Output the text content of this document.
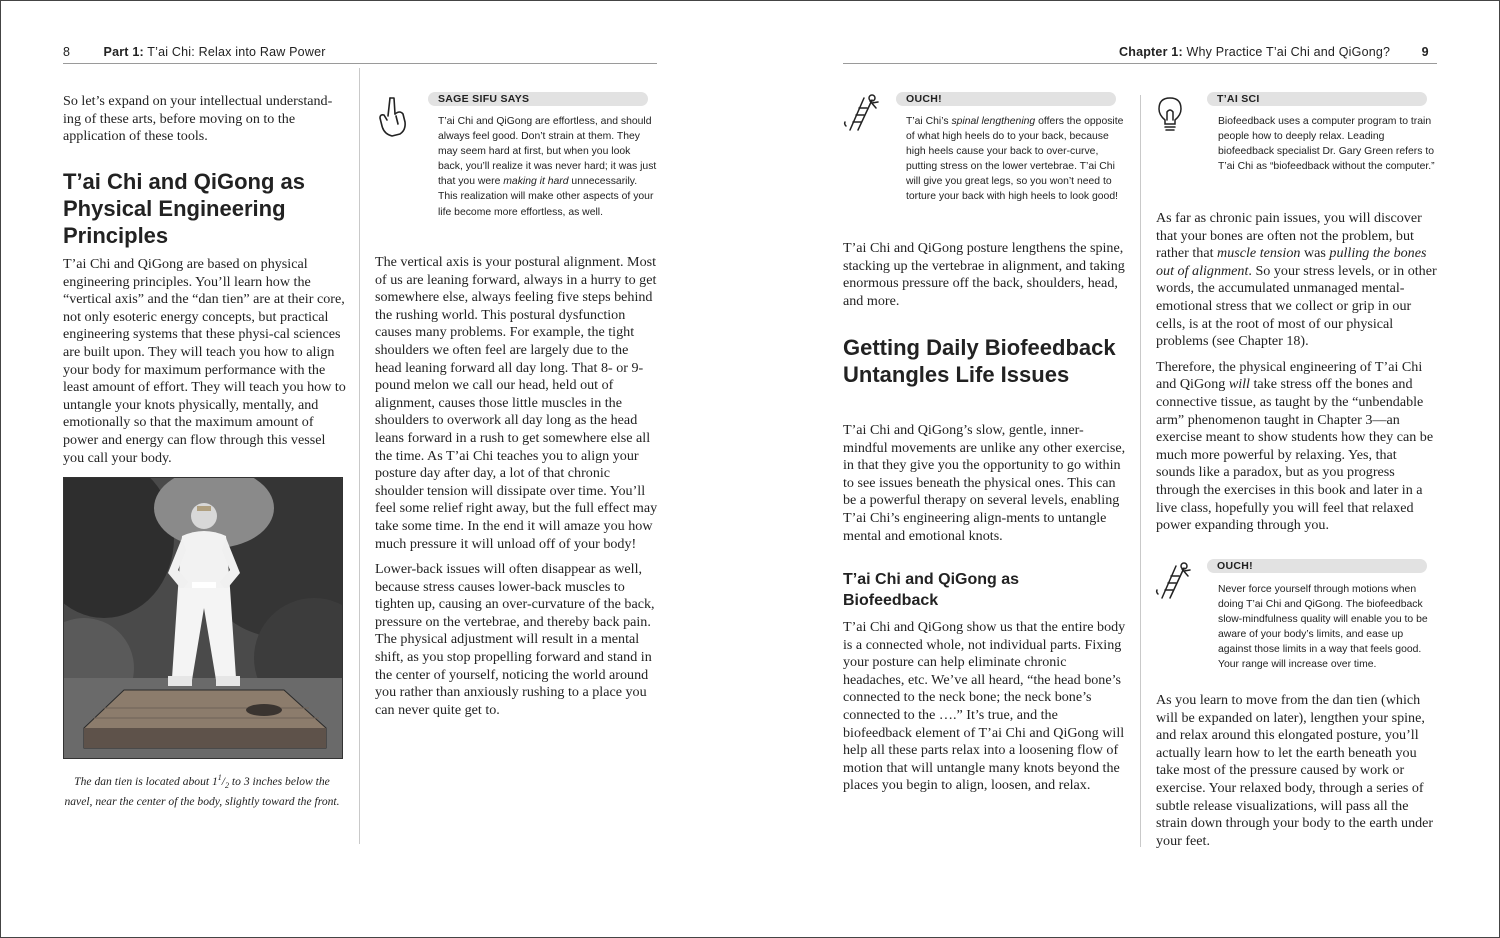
8	Part 1: T’ai Chi: Relax into Raw Power

So let’s expand on your intellectual understand-ing of these arts, before moving on to the application of these tools.

T’ai Chi and QiGong as Physical Engineering Principles

T’ai Chi and QiGong are based on physical engineering principles. You’ll learn how the “vertical axis” and the “dan tien” are at their core, not only esoteric energy concepts, but practical engineering systems that these physi-cal sciences are built upon. They will teach you how to align your body for maximum performance with the least amount of effort. They will teach you how to untangle your knots physically, mentally, and emotionally so that the maximum amount of power and energy can flow through this vessel you call your body.

The dan tien is located about $1^1/_2$ to 3 inches below the navel, near the center of the body, slightly toward the front.
SAGE SIFU SAYS
T’ai Chi and QiGong are effortless, and should always feel good. Don’t strain at them. They may seem hard at first, but when you look back, you’ll realize it was never hard; it was just that you were making it hard unnecessarily. This realization will make other aspects of your life become more effortless, as well.

The vertical axis is your postural alignment. Most of us are leaning forward, always in a hurry to get somewhere else, always feeling five steps behind the rushing world. This postural dysfunction causes many problems. For example, the tight shoulders we often feel are largely due to the head leaning forward all day long. That 8- or 9-pound melon we call our head, held out of alignment, causes those little muscles in the shoulders to overwork all day long as the head leans forward in a rush to get somewhere else all the time. As T’ai Chi teaches you to align your posture day after day, a lot of that chronic shoulder tension will dissipate over time. You’ll feel some relief right away, but the full effect may take some time. In the end it will amaze you how much pressure it will unload off of your body!

Lower-back issues will often disappear as well, because stress causes lower-back muscles to tighten up, causing an over-curvature of the back, pressure on the vertebrae, and thereby back pain. The physical adjustment will result in a mental shift, as you stop propelling forward and stand in the center of yourself, noticing the world around you rather than anxiously rushing to a place you can never quite get to.

Chapter 1: Why Practice T’ai Chi and QiGong?	9
OUCH!
T’ai Chi’s spinal lengthening offers the opposite of what high heels do to your back, because high heels cause your back to over-curve, putting stress on the lower vertebrae. T’ai Chi will give you great legs, so you won’t need to torture your back with high heels to look good!

T’ai Chi and QiGong posture lengthens the spine, stacking up the vertebrae in alignment, and taking enormous pressure off the back, shoulders, head, and more.

Getting Daily Biofeedback Untangles Life Issues

T’ai Chi and QiGong’s slow, gentle, inner-mindful movements are unlike any other exercise, in that they give you the opportunity to go within to see issues beneath the physical ones. This can be a powerful therapy on several levels, enabling T’ai Chi’s engineering align-ments to untangle mental and emotional knots.

T’ai Chi and QiGong as Biofeedback

T’ai Chi and QiGong show us that the entire body is a connected whole, not individual parts. Fixing your posture can help eliminate chronic headaches, etc. We’ve all heard, “the head bone’s connected to the neck bone; the neck bone’s connected to the ….” It’s true, and the biofeedback element of T’ai Chi and QiGong will help all these parts relax into a loosening flow of motion that will untangle many knots beyond the places you begin to align, loosen, and relax.

T’AI SCI
Biofeedback uses a computer program to train people how to deeply relax. Leading biofeedback specialist Dr. Gary Green refers to T’ai Chi as “biofeedback without the computer.”

As far as chronic pain issues, you will discover that your bones are often not the problem, but rather that muscle tension was pulling the bones out of alignment. So your stress levels, or in other words, the accumulated unmanaged mental-emotional stress that we collect or grip in our cells, is at the root of most of our physical problems (see Chapter 18).

Therefore, the physical engineering of T’ai Chi and QiGong will take stress off the bones and connective tissue, as taught by the “unbendable arm” phenomenon taught in Chapter 3—an exercise meant to show students how they can be much more powerful by relaxing. Yes, that sounds like a paradox, but as you progress through the exercises in this book and later in a live class, hopefully you will feel that relaxed power expanding through you.

OUCH!
Never force yourself through motions when doing T’ai Chi and QiGong. The biofeedback slow-mindfulness quality will enable you to be aware of your body’s limits, and ease up against those limits in a way that feels good. Your range will increase over time.

As you learn to move from the dan tien (which will be expanded on later), lengthen your spine, and relax around this elongated posture, you’ll actually learn how to let the earth beneath you take most of the pressure caused by work or exercise. Your relaxed body, through a series of subtle release visualizations, will pass all the strain down through your body to the earth under your feet.
